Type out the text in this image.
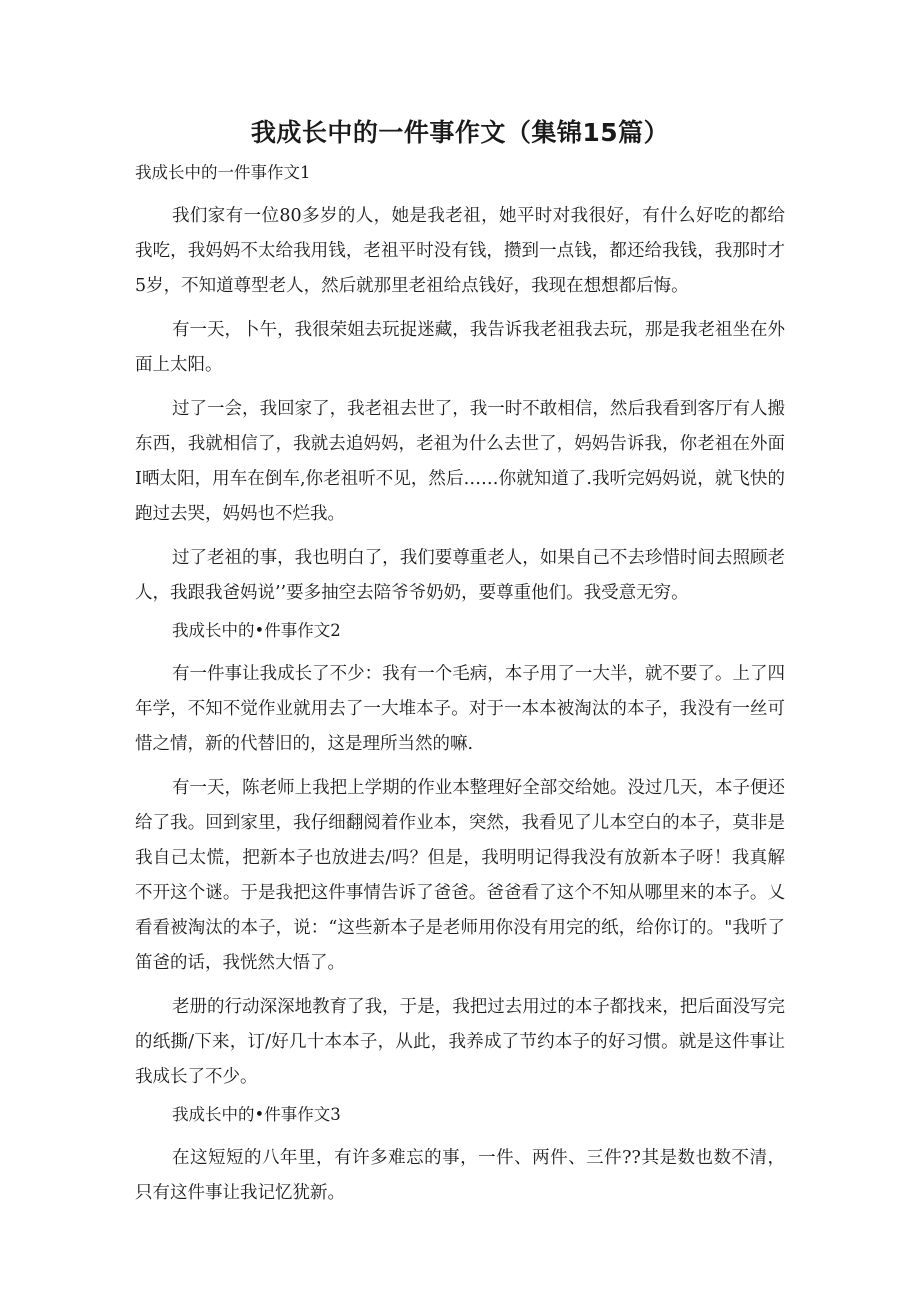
我成长中的一件事作文（集锦15篇）
我成长中的一件事作文1

我们家有一位80多岁的人，她是我老祖，她平时对我很好，有什么好吃的都给我吃，我妈妈不太给我用钱，老祖平时没有钱，攒到一点钱，都还给我钱，我那时才5岁，不知道尊型老人，然后就那里老祖给点钱好，我现在想想都后悔。

有一天，卜午，我很荣姐去玩捉迷藏，我告诉我老祖我去玩，那是我老祖坐在外面上太阳。

过了一会，我回家了，我老祖去世了，我一时不敢相信，然后我看到客厅有人搬东西，我就相信了，我就去追妈妈，老祖为什么去世了，妈妈告诉我，你老祖在外面I晒太阳，用车在倒车,你老祖听不见，然后……你就知道了.我听完妈妈说，就飞快的跑过去哭，妈妈也不烂我。

过了老祖的事，我也明白了，我们要尊重老人，如果自己不去珍惜时间去照顾老人，我跟我爸妈说’’要多抽空去陪爷爷奶奶，要尊重他们。我受意无穷。

我成长中的•件事作文2

有一件事让我成长了不少：我有一个毛病，本子用了一大半，就不要了。上了四年学，不知不觉作业就用去了一大堆本子。对于一本本被淘汰的本子，我没有一丝可惜之情，新的代替旧的，这是理所当然的嘛.

有一天，陈老师上我把上学期的作业本整理好全部交给她。没过几天，本子便还给了我。回到家里，我仔细翻阅着作业本，突然，我看见了儿本空白的本子，莫非是我自己太慌，把新本子也放进去/吗？但是，我明明记得我没有放新本子呀！我真解不开这个谜。于是我把这件事情告诉了爸爸。爸爸看了这个不知从哪里来的本子。乂看看被淘汰的本子，说：“这些新本子是老师用你没有用完的纸，给你订的。"我听了笛爸的话，我恍然大悟了。

老册的行动深深地教育了我，于是，我把过去用过的本子都找来，把后面没写完的纸撕/下来，订/好几十本本子，从此，我养成了节约本子的好习惯。就是这件事让我成长了不少。

我成长中的•件事作文3

在这短短的八年里，有许多难忘的事，一件、两件、三件??其是数也数不清，只有这件事让我记忆犹新。
